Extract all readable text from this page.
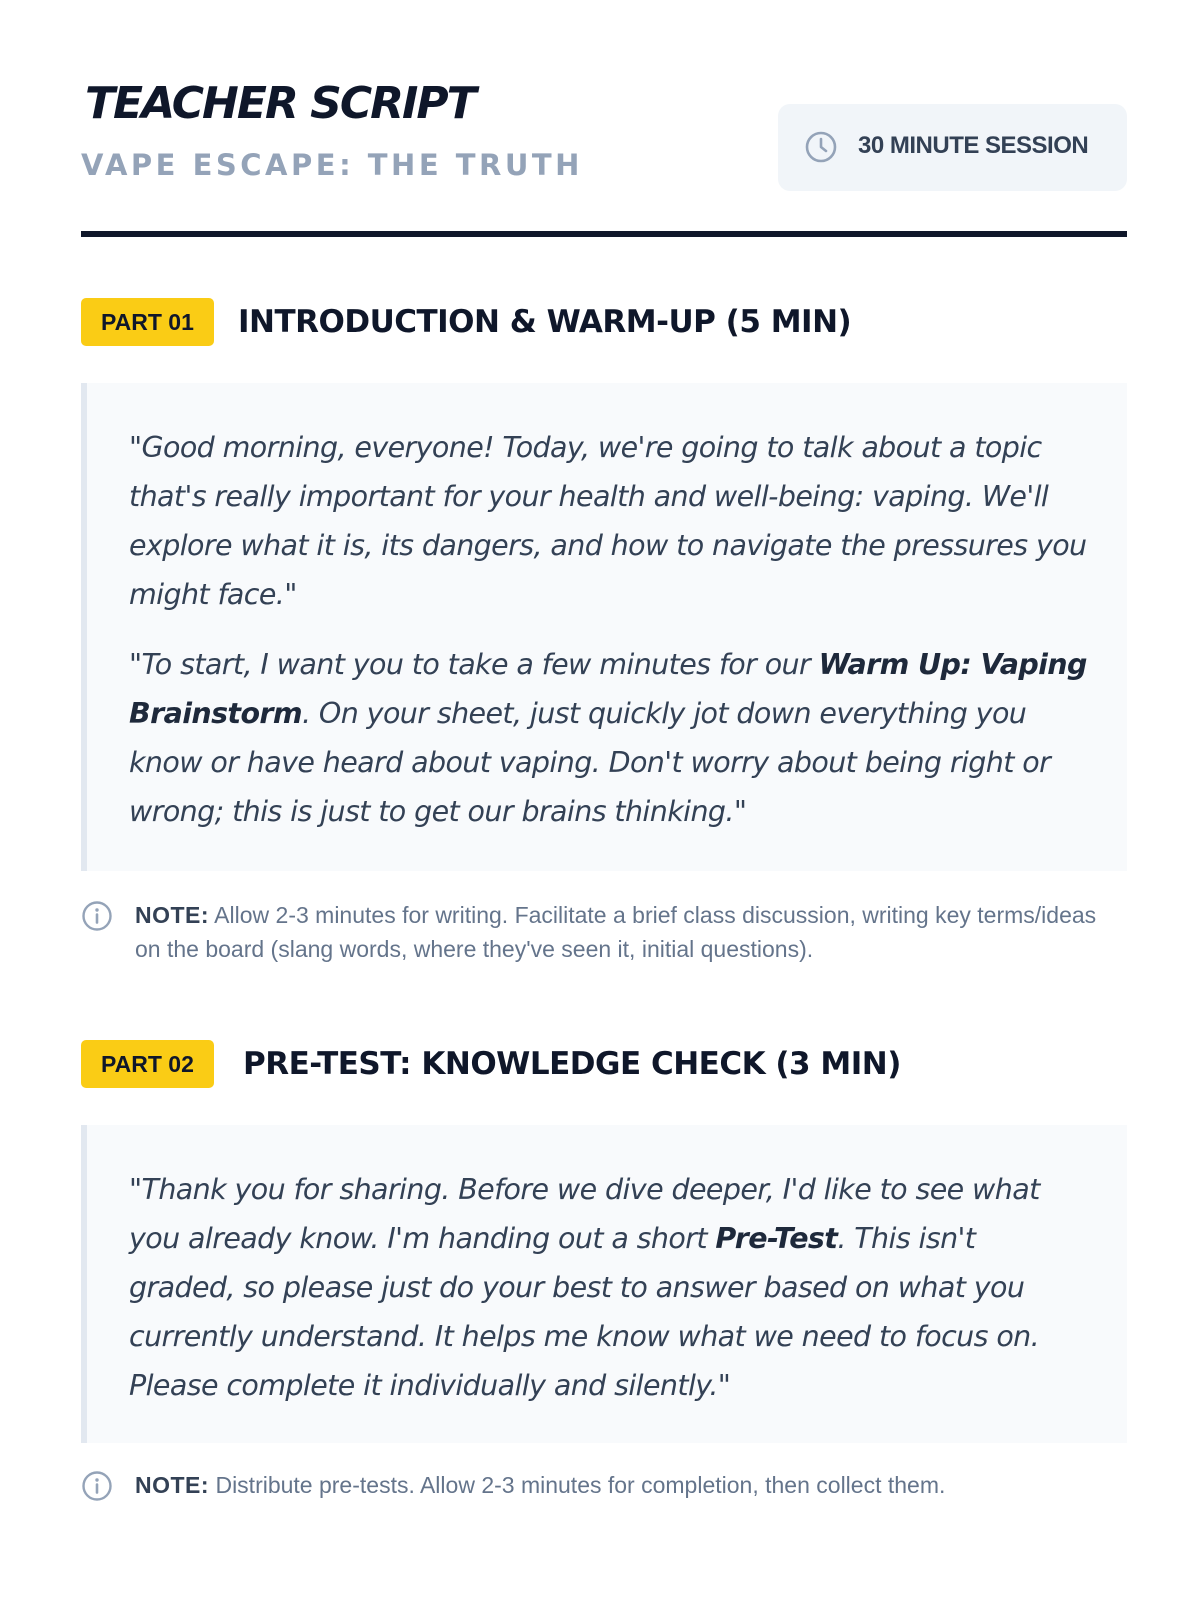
TEACHER SCRIPT
VAPE ESCAPE: THE TRUTH
30 MINUTE SESSION
PART 01	INTRODUCTION & WARM-UP (5 MIN)

"Good morning, everyone! Today, we're going to talk about a topic that's really important for your health and well-being: vaping. We'll explore what it is, its dangers, and how to navigate the pressures you might face."

"To start, I want you to take a few minutes for our Warm Up: Vaping Brainstorm. On your sheet, just quickly jot down everything you know or have heard about vaping. Don't worry about being right or wrong; this is just to get our brains thinking."

NOTE: Allow 2-3 minutes for writing. Facilitate a brief class discussion, writing key terms/ideas on the board (slang words, where they've seen it, initial questions).

PART 02	PRE-TEST: KNOWLEDGE CHECK (3 MIN)

"Thank you for sharing. Before we dive deeper, I'd like to see what you already know. I'm handing out a short Pre-Test. This isn't graded, so please just do your best to answer based on what you currently understand. It helps me know what we need to focus on. Please complete it individually and silently."

NOTE: Distribute pre-tests. Allow 2-3 minutes for completion, then collect them.
